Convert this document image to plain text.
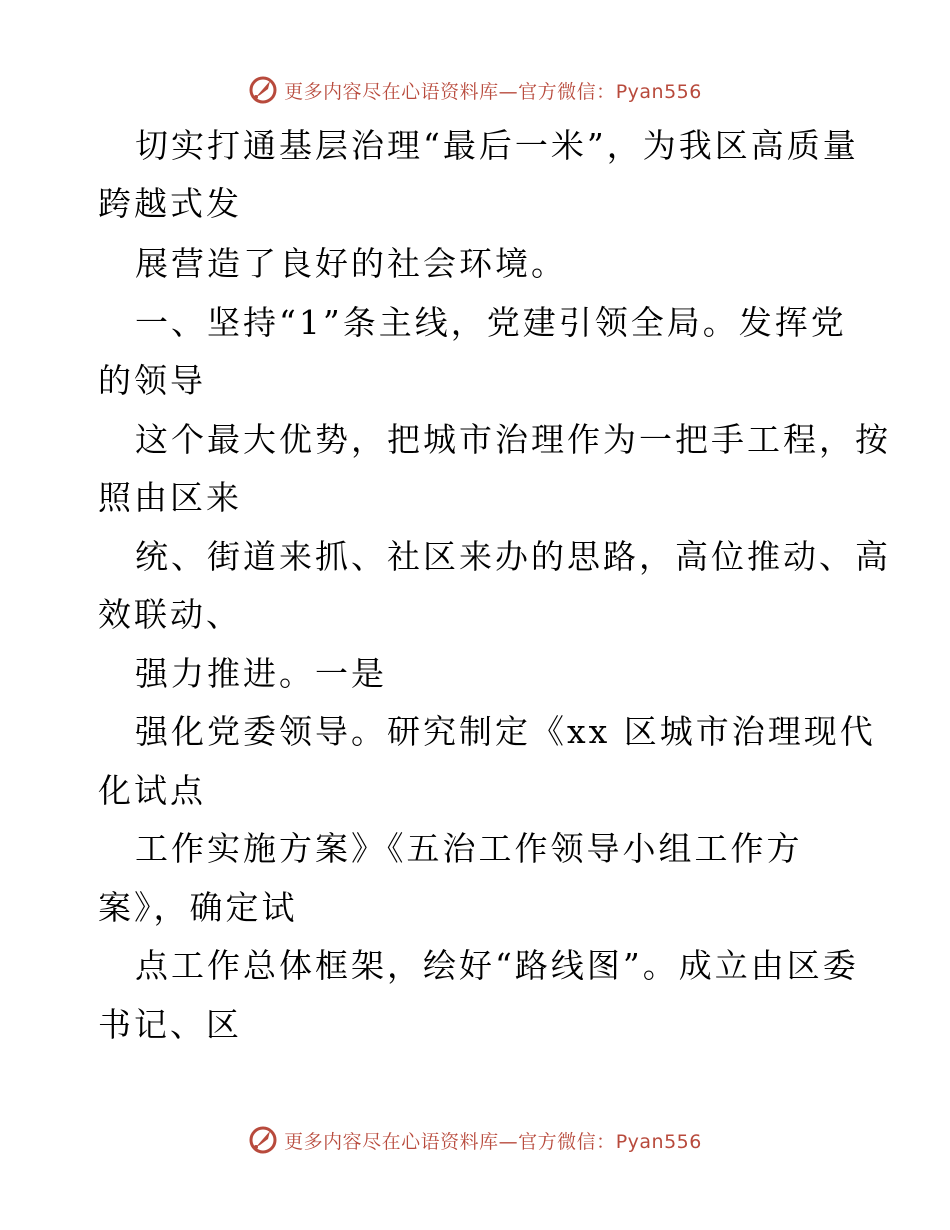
更多内容尽在心语资料库—官方微信：Pyan556
切实打通基层治理“最后一米”，为我区高质量
跨越式发
展营造了良好的社会环境。
一、坚持“1”条主线，党建引领全局。发挥党
的领导
这个最大优势，把城市治理作为一把手工程，按
照由区来
统、街道来抓、社区来办的思路，高位推动、高
效联动、
强力推进。一是
强化党委领导。研究制定《xx 区城市治理现代
化试点
工作实施方案》《五治工作领导小组工作方
案》，确定试
点工作总体框架，绘好“路线图”。成立由区委
书记、区
更多内容尽在心语资料库—官方微信：Pyan556
